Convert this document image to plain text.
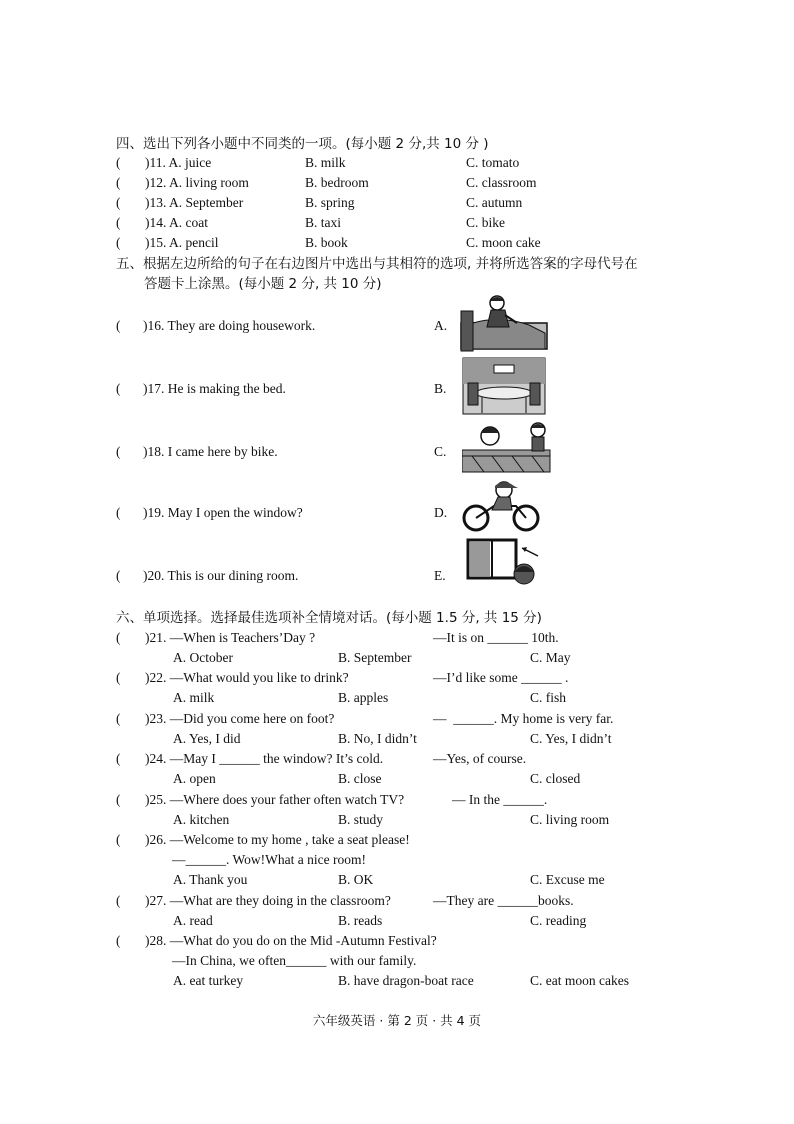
四、选出下列各小题中不同类的一项。(每小题 2 分,共 10 分 )
( )11. A. juice	B. milk	C. tomato
( )12. A. living room	B. bedroom	C. classroom
( )13. A. September	B. spring	C. autumn
( )14. A. coat	B. taxi	C. bike
( )15. A. pencil	B. book	C. moon cake
五、根据左边所给的句子在右边图片中选出与其相符的选项, 并将所选答案的字母代号在
答题卡上涂黑。(每小题 2 分, 共 10 分)
( )16. They are doing housework.	A.
( )17. He is making the bed.	B.
( )18. I came here by bike.	C.
( )19. May I open the window?	D.
( )20. This is our dining room.	E.
六、单项选择。选择最佳选项补全情境对话。(每小题 1.5 分, 共 15 分)
( )21. —When is Teachers’Day ?	—It is on ______ 10th.
A. October	B. September	C. May
( )22. —What would you like to drink?	—I’d like some ______ .
A. milk	B. apples	C. fish
( )23. —Did you come here on foot?	—  ______. My home is very far.
A. Yes, I did	B. No, I didn’t	C. Yes, I didn’t
( )24. —May I ______ the window? It’s cold.	—Yes, of course.
A. open	B. close	C. closed
( )25. —Where does your father often watch TV?	— In the ______.
A. kitchen	B. study	C. living room
( )26. —Welcome to my home , take a seat please!
—______. Wow!What a nice room!
A. Thank you	B. OK	C. Excuse me
( )27. —What are they doing in the classroom?	—They are ______books.
A. read	B. reads	C. reading
( )28. —What do you do on the Mid -Autumn Festival?
—In China, we often______ with our family.
A. eat turkey	B. have dragon-boat race	C. eat moon cakes
六年级英语 · 第 2 页 · 共 4 页
